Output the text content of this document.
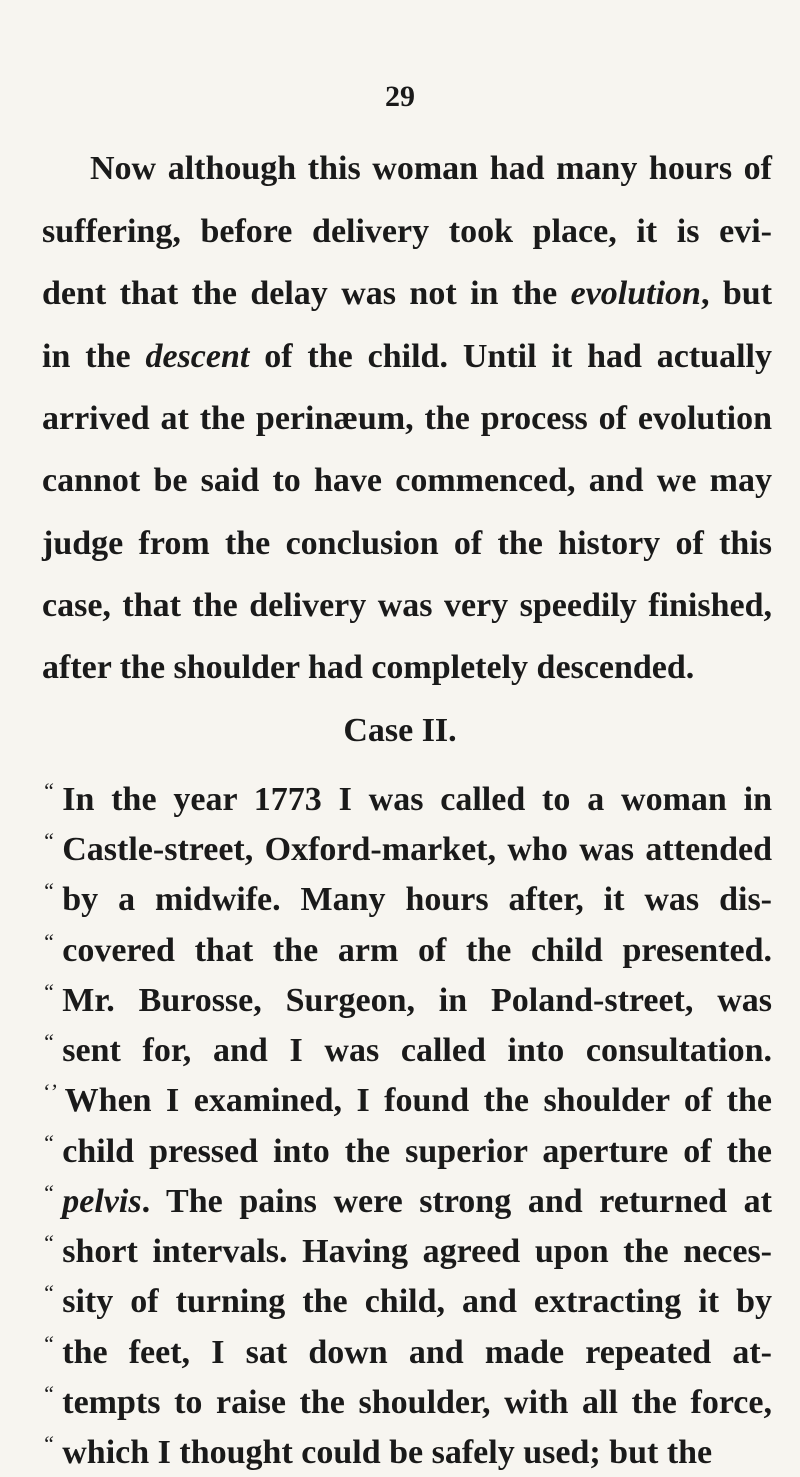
29
Now although this woman had many hours of
suffering, before delivery took place, it is evi-
dent that the delay was not in the evolution, but
in the descent of the child. Until it had actually
arrived at the perinæum, the process of evolution
cannot be said to have commenced, and we may
judge from the conclusion of the history of this
case, that the delivery was very speedily finished,
after the shoulder had completely descended.
Case II.
“ In the year 1773 I was called to a woman in
“ Castle-street, Oxford-market, who was attended
“ by a midwife. Many hours after, it was dis-
“ covered that the arm of the child presented.
“ Mr. Burosse, Surgeon, in Poland-street, was
“ sent for, and I was called into consultation.
‘’ When I examined, I found the shoulder of the
“ child pressed into the superior aperture of the
“ pelvis. The pains were strong and returned at
“ short intervals. Having agreed upon the neces-
“ sity of turning the child, and extracting it by
“ the feet, I sat down and made repeated at-
“ tempts to raise the shoulder, with all the force,
“ which I thought could be safely used; but the
